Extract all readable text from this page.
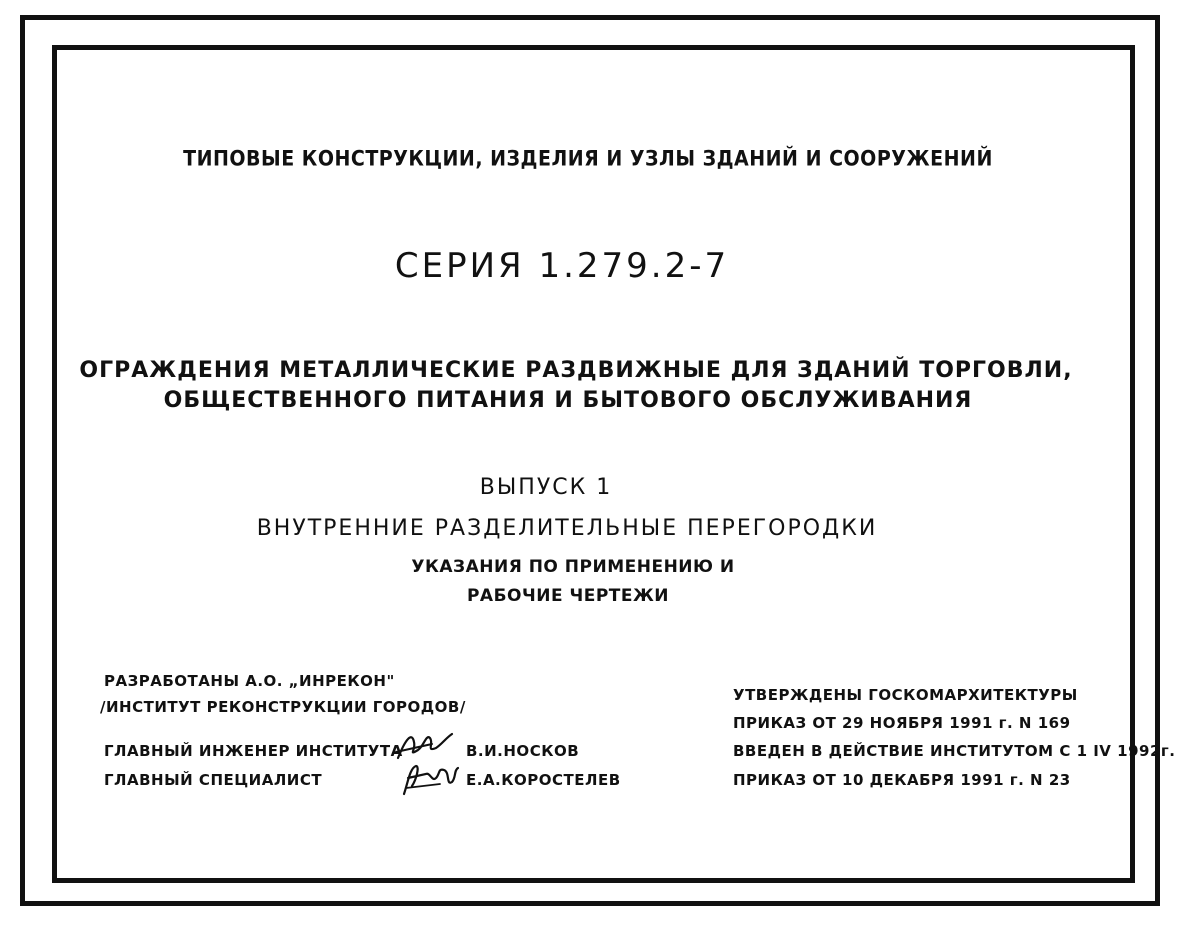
ТИПОВЫЕ КОНСТРУКЦИИ, ИЗДЕЛИЯ И УЗЛЫ ЗДАНИЙ И СООРУЖЕНИЙ
СЕРИЯ 1.279.2-7
ОГРАЖДЕНИЯ МЕТАЛЛИЧЕСКИЕ РАЗДВИЖНЫЕ ДЛЯ ЗДАНИЙ ТОРГОВЛИ,
ОБЩЕСТВЕННОГО ПИТАНИЯ И БЫТОВОГО ОБСЛУЖИВАНИЯ
ВЫПУСК 1
ВНУТРЕННИЕ РАЗДЕЛИТЕЛЬНЫЕ ПЕРЕГОРОДКИ
УКАЗАНИЯ ПО ПРИМЕНЕНИЮ И
РАБОЧИЕ ЧЕРТЕЖИ
РАЗРАБОТАНЫ А.О. „ИНРЕКОН"
/ИНСТИТУТ РЕКОНСТРУКЦИИ ГОРОДОВ/
ГЛАВНЫЙ ИНЖЕНЕР ИНСТИТУТА	В.И.НОСКОВ
ГЛАВНЫЙ СПЕЦИАЛИСТ	Е.А.КОРОСТЕЛЕВ
УТВЕРЖДЕНЫ ГОСКОМАРХИТЕКТУРЫ
ПРИКАЗ ОТ 29 НОЯБРЯ 1991 г. N 169
ВВЕДЕН В ДЕЙСТВИЕ ИНСТИТУТОМ С 1 IV 1992г.
ПРИКАЗ ОТ 10 ДЕКАБРЯ 1991 г. N 23
